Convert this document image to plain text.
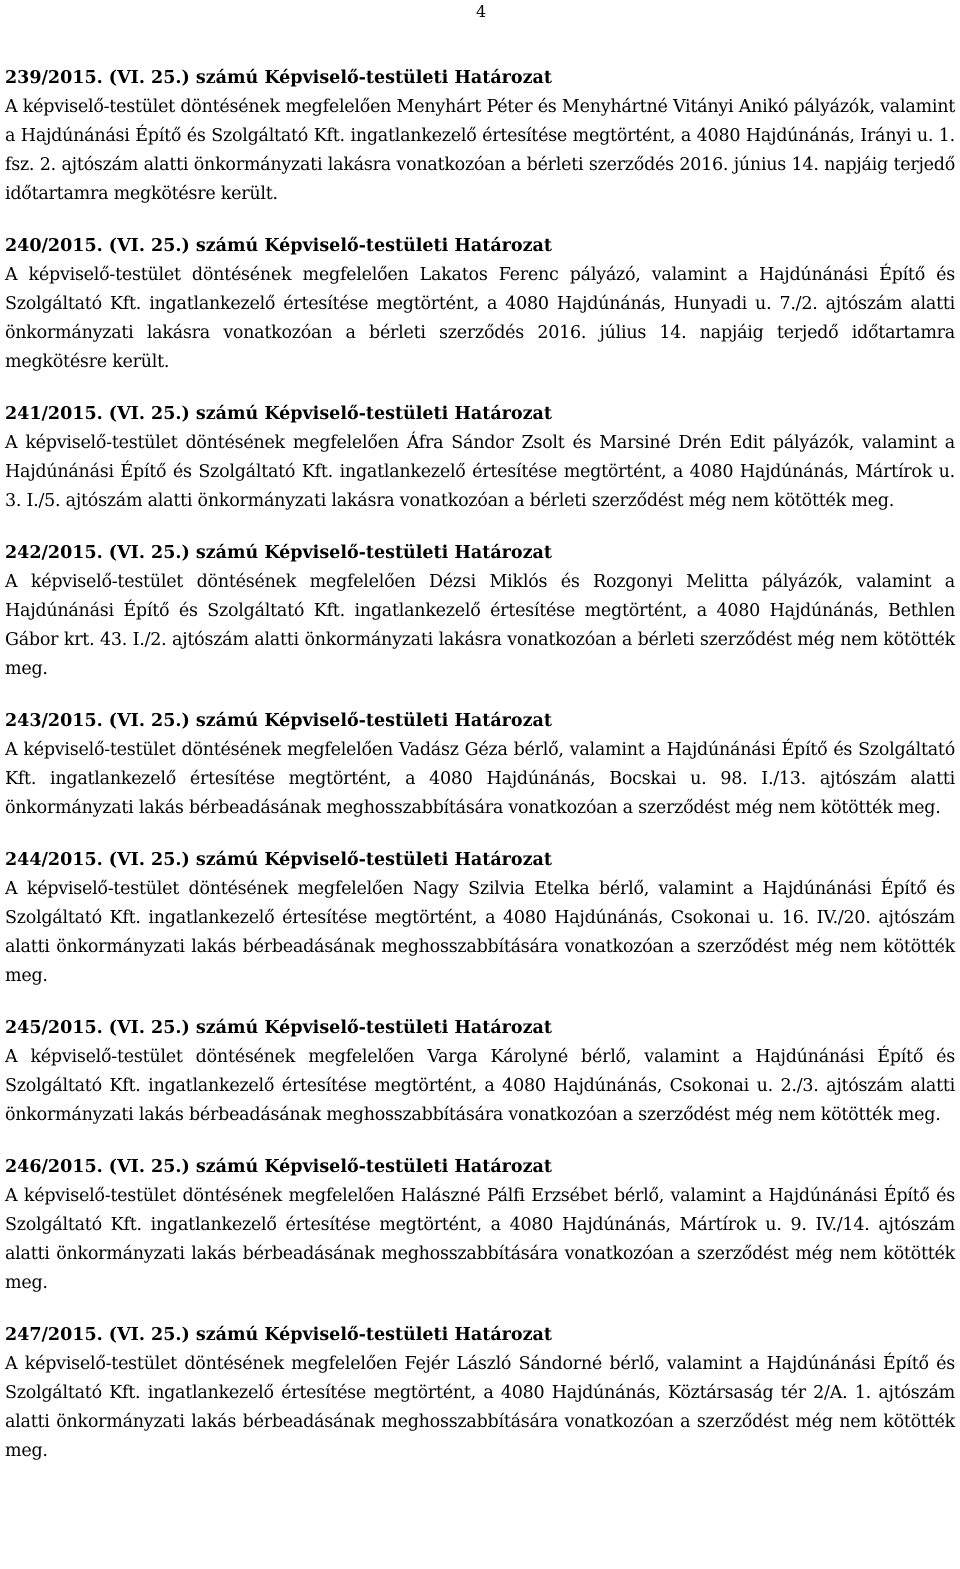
4

239/2015. (VI. 25.) számú Képviselő-testületi Határozat

A képviselő-testület döntésének megfelelően Menyhárt Péter és Menyhártné Vitányi Anikó pályázók, valamint a Hajdúnánási Építő és Szolgáltató Kft. ingatlankezelő értesítése megtörtént, a 4080 Hajdúnánás, Irányi u. 1. fsz. 2. ajtószám alatti önkormányzati lakásra vonatkozóan a bérleti szerződés 2016. június 14. napjáig terjedő időtartamra megkötésre került.

240/2015. (VI. 25.) számú Képviselő-testületi Határozat

A képviselő-testület döntésének megfelelően Lakatos Ferenc pályázó, valamint a Hajdúnánási Építő és Szolgáltató Kft. ingatlankezelő értesítése megtörtént, a 4080 Hajdúnánás, Hunyadi u. 7./2. ajtószám alatti önkormányzati lakásra vonatkozóan a bérleti szerződés 2016. július 14. napjáig terjedő időtartamra megkötésre került.

241/2015. (VI. 25.) számú Képviselő-testületi Határozat

A képviselő-testület döntésének megfelelően Áfra Sándor Zsolt és Marsiné Drén Edit pályázók, valamint a Hajdúnánási Építő és Szolgáltató Kft. ingatlankezelő értesítése megtörtént, a 4080 Hajdúnánás, Mártírok u. 3. I./5. ajtószám alatti önkormányzati lakásra vonatkozóan a bérleti szerződést még nem kötötték meg.

242/2015. (VI. 25.) számú Képviselő-testületi Határozat

A képviselő-testület döntésének megfelelően Dézsi Miklós és Rozgonyi Melitta pályázók, valamint a Hajdúnánási Építő és Szolgáltató Kft. ingatlankezelő értesítése megtörtént, a 4080 Hajdúnánás, Bethlen Gábor krt. 43. I./2. ajtószám alatti önkormányzati lakásra vonatkozóan a bérleti szerződést még nem kötötték meg.

243/2015. (VI. 25.) számú Képviselő-testületi Határozat

A képviselő-testület döntésének megfelelően Vadász Géza bérlő, valamint a Hajdúnánási Építő és Szolgáltató Kft. ingatlankezelő értesítése megtörtént, a 4080 Hajdúnánás, Bocskai u. 98. I./13. ajtószám alatti önkormányzati lakás bérbeadásának meghosszabbítására vonatkozóan a szerződést még nem kötötték meg.

244/2015. (VI. 25.) számú Képviselő-testületi Határozat

A képviselő-testület döntésének megfelelően Nagy Szilvia Etelka bérlő, valamint a Hajdúnánási Építő és Szolgáltató Kft. ingatlankezelő értesítése megtörtént, a 4080 Hajdúnánás, Csokonai u. 16. IV./20. ajtószám alatti önkormányzati lakás bérbeadásának meghosszabbítására vonatkozóan a szerződést még nem kötötték meg.

245/2015. (VI. 25.) számú Képviselő-testületi Határozat

A képviselő-testület döntésének megfelelően Varga Károlyné bérlő, valamint a Hajdúnánási Építő és Szolgáltató Kft. ingatlankezelő értesítése megtörtént, a 4080 Hajdúnánás, Csokonai u. 2./3. ajtószám alatti önkormányzati lakás bérbeadásának meghosszabbítására vonatkozóan a szerződést még nem kötötték meg.

246/2015. (VI. 25.) számú Képviselő-testületi Határozat

A képviselő-testület döntésének megfelelően Halászné Pálfi Erzsébet bérlő, valamint a Hajdúnánási Építő és Szolgáltató Kft. ingatlankezelő értesítése megtörtént, a 4080 Hajdúnánás, Mártírok u. 9. IV./14. ajtószám alatti önkormányzati lakás bérbeadásának meghosszabbítására vonatkozóan a szerződést még nem kötötték meg.

247/2015. (VI. 25.) számú Képviselő-testületi Határozat

A képviselő-testület döntésének megfelelően Fejér László Sándorné bérlő, valamint a Hajdúnánási Építő és Szolgáltató Kft. ingatlankezelő értesítése megtörtént, a 4080 Hajdúnánás, Köztársaság tér 2/A. 1. ajtószám alatti önkormányzati lakás bérbeadásának meghosszabbítására vonatkozóan a szerződést még nem kötötték meg.
